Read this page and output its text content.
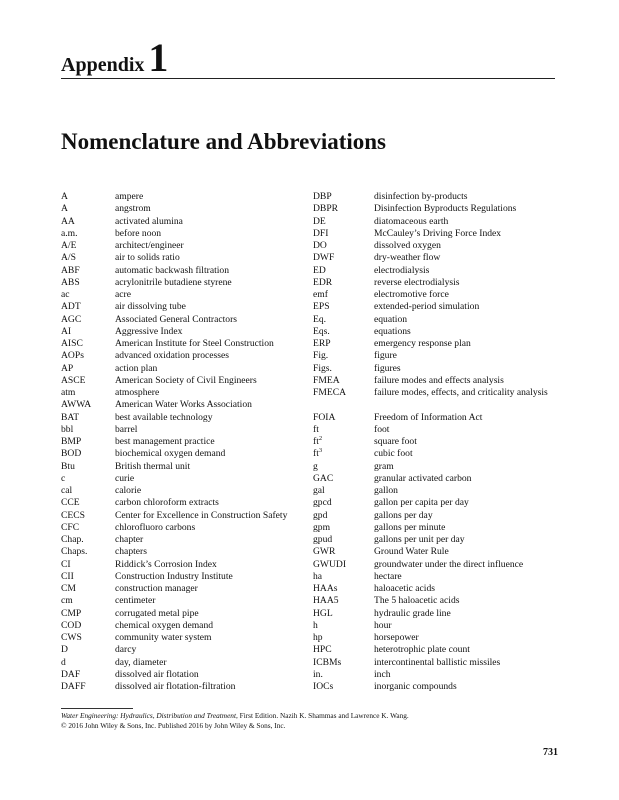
Appendix 1
Nomenclature and Abbreviations
A	ampere
A	angstrom
AA	activated alumina
a.m.	before noon
A/E	architect/engineer
A/S	air to solids ratio
ABF	automatic backwash filtration
ABS	acrylonitrile butadiene styrene
ac	acre
ADT	air dissolving tube
AGC	Associated General Contractors
AI	Aggressive Index
AISC	American Institute for Steel Construction
AOPs	advanced oxidation processes
AP	action plan
ASCE	American Society of Civil Engineers
atm	atmosphere
AWWA	American Water Works Association
BAT	best available technology
bbl	barrel
BMP	best management practice
BOD	biochemical oxygen demand
Btu	British thermal unit
c	curie
cal	calorie
CCE	carbon chloroform extracts
CECS	Center for Excellence in Construction Safety
CFC	chlorofluoro carbons
Chap.	chapter
Chaps.	chapters
CI	Riddick’s Corrosion Index
CII	Construction Industry Institute
CM	construction manager
cm	centimeter
CMP	corrugated metal pipe
COD	chemical oxygen demand
CWS	community water system
D	darcy
d	day, diameter
DAF	dissolved air flotation
DAFF	dissolved air flotation-filtration
DBP	disinfection by-products
DBPR	Disinfection Byproducts Regulations
DE	diatomaceous earth
DFI	McCauley’s Driving Force Index
DO	dissolved oxygen
DWF	dry-weather flow
ED	electrodialysis
EDR	reverse electrodialysis
emf	electromotive force
EPS	extended-period simulation
Eq.	equation
Eqs.	equations
ERP	emergency response plan
Fig.	figure
Figs.	figures
FMEA	failure modes and effects analysis
FMECA	failure modes, effects, and criticality analysis
FOIA	Freedom of Information Act
ft	foot
$ft^2$	square foot
$ft^3$	cubic foot
g	gram
GAC	granular activated carbon
gal	gallon
gpcd	gallon per capita per day
gpd	gallons per day
gpm	gallons per minute
gpud	gallons per unit per day
GWR	Ground Water Rule
GWUDI	groundwater under the direct influence
ha	hectare
HAAs	haloacetic acids
HAA5	The 5 haloacetic acids
HGL	hydraulic grade line
h	hour
hp	horsepower
HPC	heterotrophic plate count
ICBMs	intercontinental ballistic missiles
in.	inch
IOCs	inorganic compounds
Water Engineering: Hydraulics, Distribution and Treatment, First Edition. Nazih K. Shammas and Lawrence K. Wang.
© 2016 John Wiley & Sons, Inc. Published 2016 by John Wiley & Sons, Inc.
731
